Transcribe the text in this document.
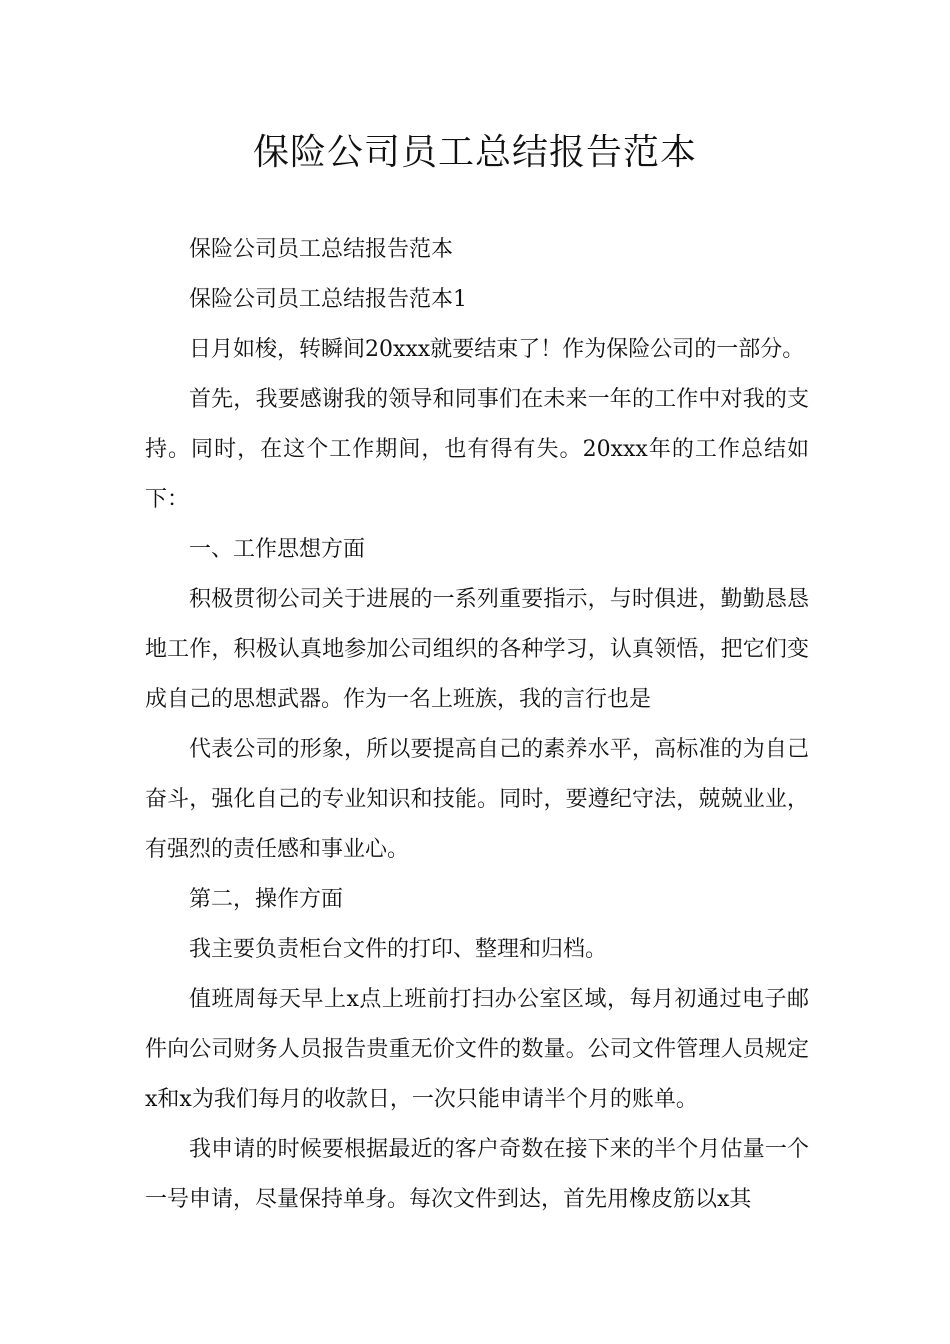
保险公司员工总结报告范本

保险公司员工总结报告范本

保险公司员工总结报告范本1

日月如梭，转瞬间20xxx就要结束了！作为保险公司的一部分。

首先，我要感谢我的领导和同事们在未来一年的工作中对我的支持。同时，在这个工作期间，也有得有失。20xxx年的工作总结如下：

一、工作思想方面

积极贯彻公司关于进展的一系列重要指示，与时俱进，勤勤恳恳地工作，积极认真地参加公司组织的各种学习，认真领悟，把它们变成自己的思想武器。作为一名上班族，我的言行也是

代表公司的形象，所以要提高自己的素养水平，高标准的为自己奋斗，强化自己的专业知识和技能。同时，要遵纪守法，兢兢业业，有强烈的责任感和事业心。

第二，操作方面

我主要负责柜台文件的打印、整理和归档。

值班周每天早上x点上班前打扫办公室区域，每月初通过电子邮件向公司财务人员报告贵重无价文件的数量。公司文件管理人员规定x和x为我们每月的收款日，一次只能申请半个月的账单。

我申请的时候要根据最近的客户奇数在接下来的半个月估量一个一号申请，尽量保持单身。每次文件到达，首先用橡皮筋以x其
